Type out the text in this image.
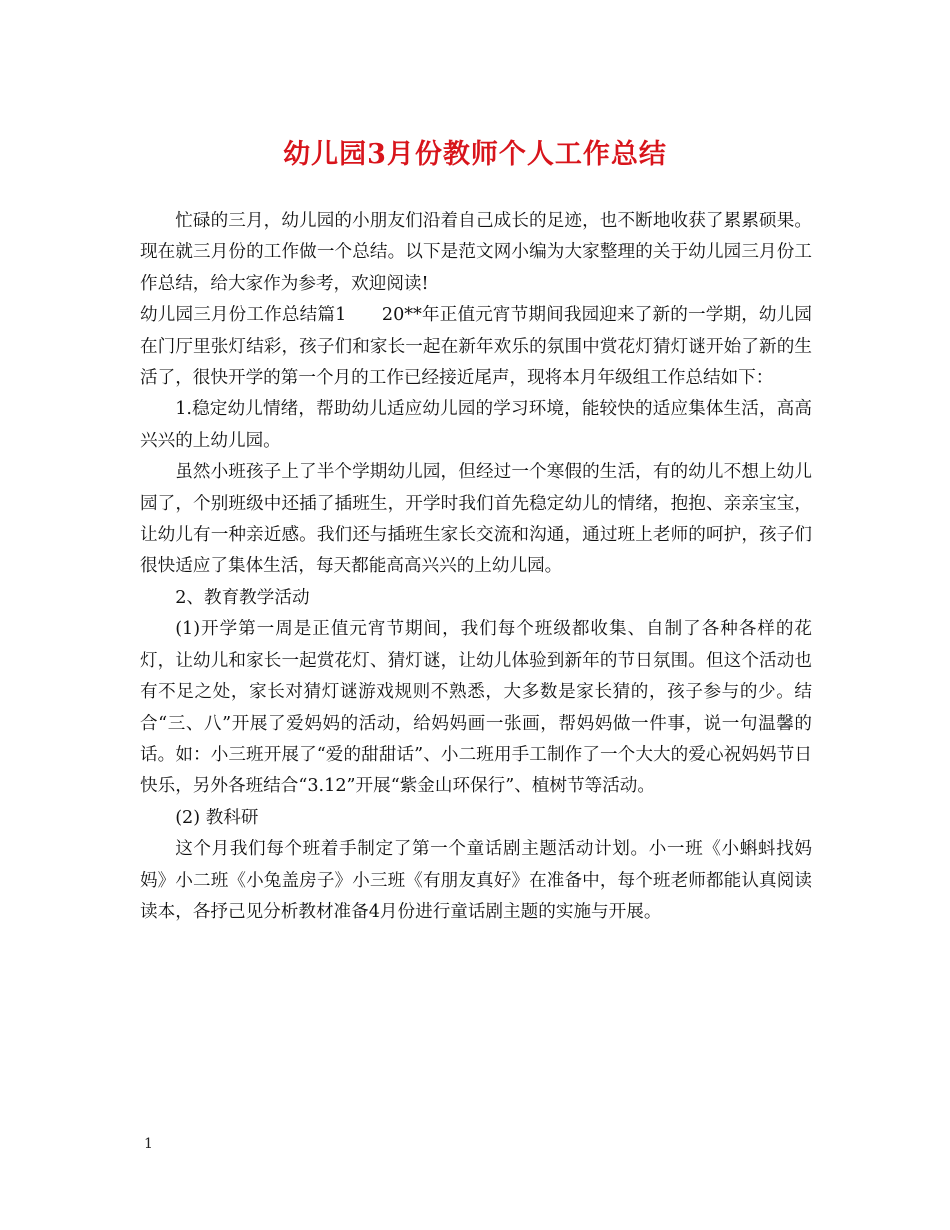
幼儿园3月份教师个人工作总结

忙碌的三月，幼儿园的小朋友们沿着自己成长的足迹，也不断地收获了累累硕果。现在就三月份的工作做一个总结。以下是范文网小编为大家整理的关于幼儿园三月份工作总结，给大家作为参考，欢迎阅读!

幼儿园三月份工作总结篇1　　20**年正值元宵节期间我园迎来了新的一学期，幼儿园在门厅里张灯结彩，孩子们和家长一起在新年欢乐的氛围中赏花灯猜灯谜开始了新的生活了，很快开学的第一个月的工作已经接近尾声，现将本月年级组工作总结如下：

1.稳定幼儿情绪，帮助幼儿适应幼儿园的学习环境，能较快的适应集体生活，高高兴兴的上幼儿园。

虽然小班孩子上了半个学期幼儿园，但经过一个寒假的生活，有的幼儿不想上幼儿园了，个别班级中还插了插班生，开学时我们首先稳定幼儿的情绪，抱抱、亲亲宝宝，让幼儿有一种亲近感。我们还与插班生家长交流和沟通，通过班上老师的呵护，孩子们很快适应了集体生活，每天都能高高兴兴的上幼儿园。

2、教育教学活动

(1)开学第一周是正值元宵节期间，我们每个班级都收集、自制了各种各样的花灯，让幼儿和家长一起赏花灯、猜灯谜，让幼儿体验到新年的节日氛围。但这个活动也有不足之处，家长对猜灯谜游戏规则不熟悉，大多数是家长猜的，孩子参与的少。结合“三、八”开展了爱妈妈的活动，给妈妈画一张画，帮妈妈做一件事，说一句温馨的话。如：小三班开展了“爱的甜甜话”、小二班用手工制作了一个大大的爱心祝妈妈节日快乐，另外各班结合“3.12”开展“紫金山环保行”、植树节等活动。

(2) 教科研

这个月我们每个班着手制定了第一个童话剧主题活动计划。小一班《小蝌蚪找妈妈》小二班《小兔盖房子》小三班《有朋友真好》在准备中，每个班老师都能认真阅读读本，各抒己见分析教材准备4月份进行童话剧主题的实施与开展。

1
